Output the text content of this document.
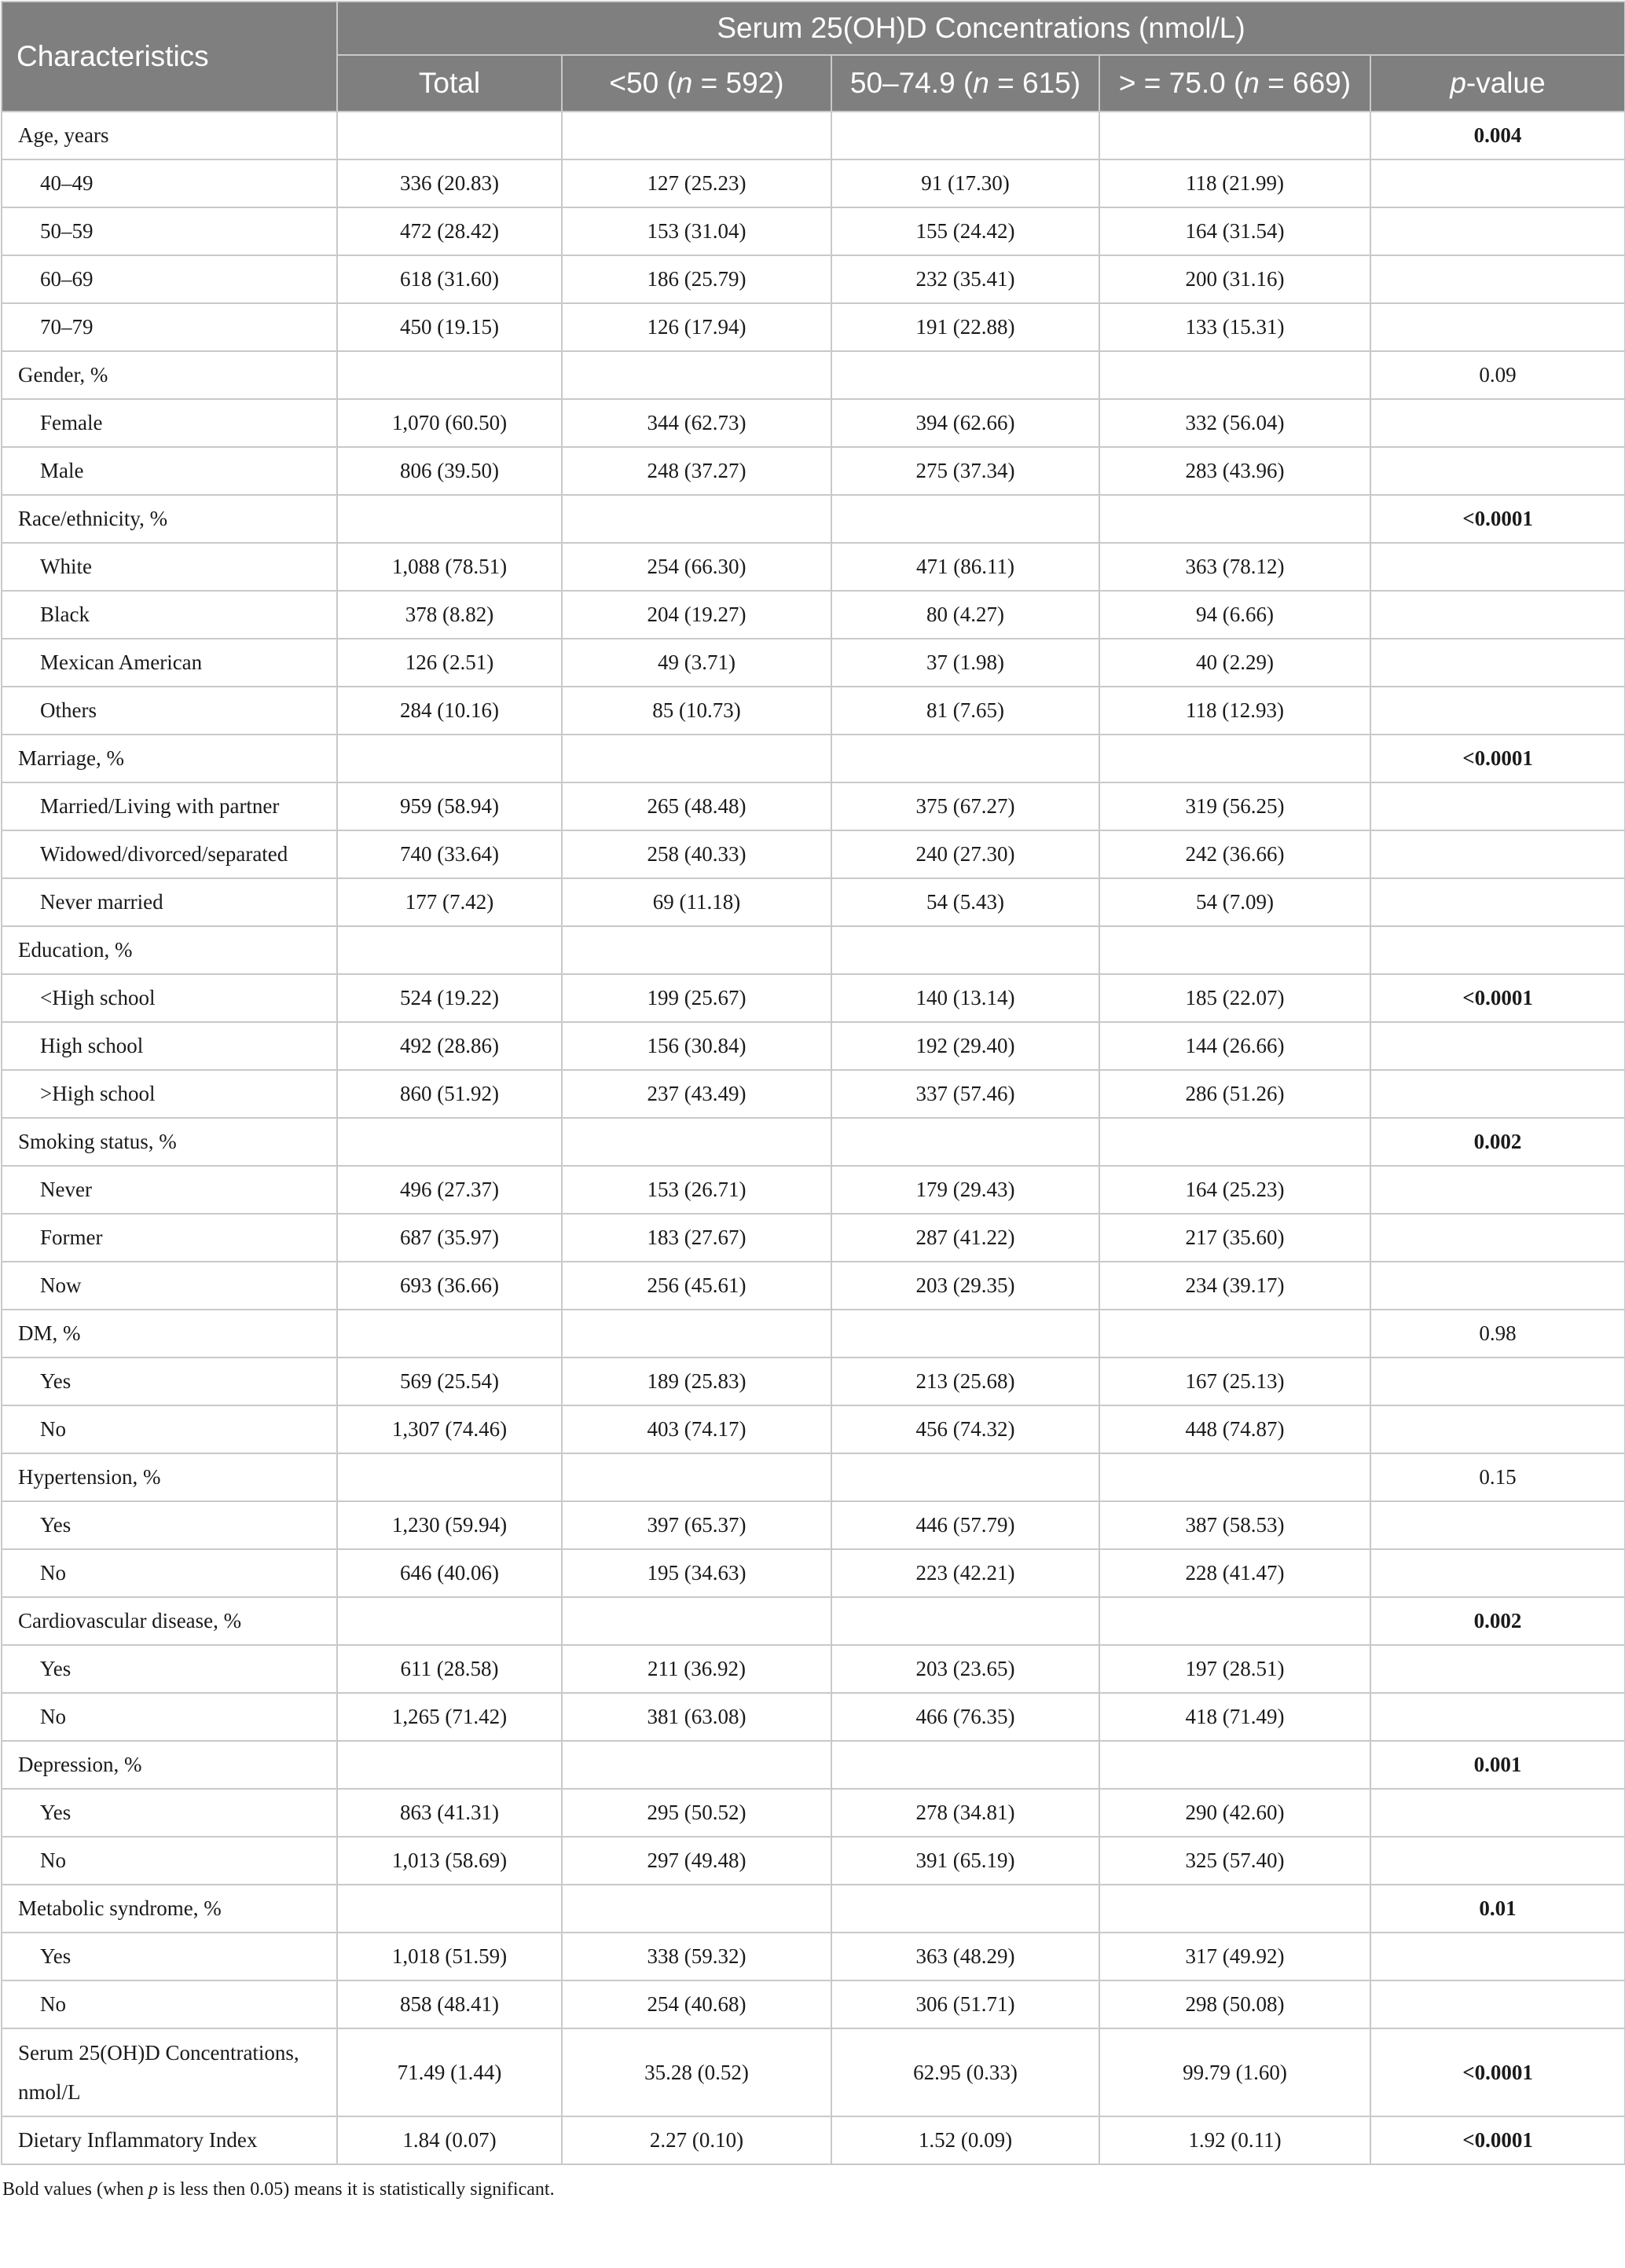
Characteristics	Serum 25(OH)D Concentrations (nmol/L)				
	Total	<50 (n = 592)	50–74.9 (n = 615)	> = 75.0 (n = 669)	p-value
Age, years					0.004
40–49	336 (20.83)	127 (25.23)	91 (17.30)	118 (21.99)	
50–59	472 (28.42)	153 (31.04)	155 (24.42)	164 (31.54)	
60–69	618 (31.60)	186 (25.79)	232 (35.41)	200 (31.16)	
70–79	450 (19.15)	126 (17.94)	191 (22.88)	133 (15.31)	
Gender, %					0.09
Female	1,070 (60.50)	344 (62.73)	394 (62.66)	332 (56.04)	
Male	806 (39.50)	248 (37.27)	275 (37.34)	283 (43.96)	
Race/ethnicity, %					<0.0001
White	1,088 (78.51)	254 (66.30)	471 (86.11)	363 (78.12)	
Black	378 (8.82)	204 (19.27)	80 (4.27)	94 (6.66)	
Mexican American	126 (2.51)	49 (3.71)	37 (1.98)	40 (2.29)	
Others	284 (10.16)	85 (10.73)	81 (7.65)	118 (12.93)	
Marriage, %					<0.0001
Married/Living with partner	959 (58.94)	265 (48.48)	375 (67.27)	319 (56.25)	
Widowed/divorced/separated	740 (33.64)	258 (40.33)	240 (27.30)	242 (36.66)	
Never married	177 (7.42)	69 (11.18)	54 (5.43)	54 (7.09)	
Education, %					
<High school	524 (19.22)	199 (25.67)	140 (13.14)	185 (22.07)	<0.0001
High school	492 (28.86)	156 (30.84)	192 (29.40)	144 (26.66)	
>High school	860 (51.92)	237 (43.49)	337 (57.46)	286 (51.26)	
Smoking status, %					0.002
Never	496 (27.37)	153 (26.71)	179 (29.43)	164 (25.23)	
Former	687 (35.97)	183 (27.67)	287 (41.22)	217 (35.60)	
Now	693 (36.66)	256 (45.61)	203 (29.35)	234 (39.17)	
DM, %					0.98
Yes	569 (25.54)	189 (25.83)	213 (25.68)	167 (25.13)	
No	1,307 (74.46)	403 (74.17)	456 (74.32)	448 (74.87)	
Hypertension, %					0.15
Yes	1,230 (59.94)	397 (65.37)	446 (57.79)	387 (58.53)	
No	646 (40.06)	195 (34.63)	223 (42.21)	228 (41.47)	
Cardiovascular disease, %					0.002
Yes	611 (28.58)	211 (36.92)	203 (23.65)	197 (28.51)	
No	1,265 (71.42)	381 (63.08)	466 (76.35)	418 (71.49)	
Depression, %					0.001
Yes	863 (41.31)	295 (50.52)	278 (34.81)	290 (42.60)	
No	1,013 (58.69)	297 (49.48)	391 (65.19)	325 (57.40)	
Metabolic syndrome, %					0.01
Yes	1,018 (51.59)	338 (59.32)	363 (48.29)	317 (49.92)	
No	858 (48.41)	254 (40.68)	306 (51.71)	298 (50.08)	
Serum 25(OH)D Concentrations, nmol/L	71.49 (1.44)	35.28 (0.52)	62.95 (0.33)	99.79 (1.60)	<0.0001
Dietary Inflammatory Index	1.84 (0.07)	2.27 (0.10)	1.52 (0.09)	1.92 (0.11)	<0.0001
Bold values (when p is less then 0.05) means it is statistically significant.
